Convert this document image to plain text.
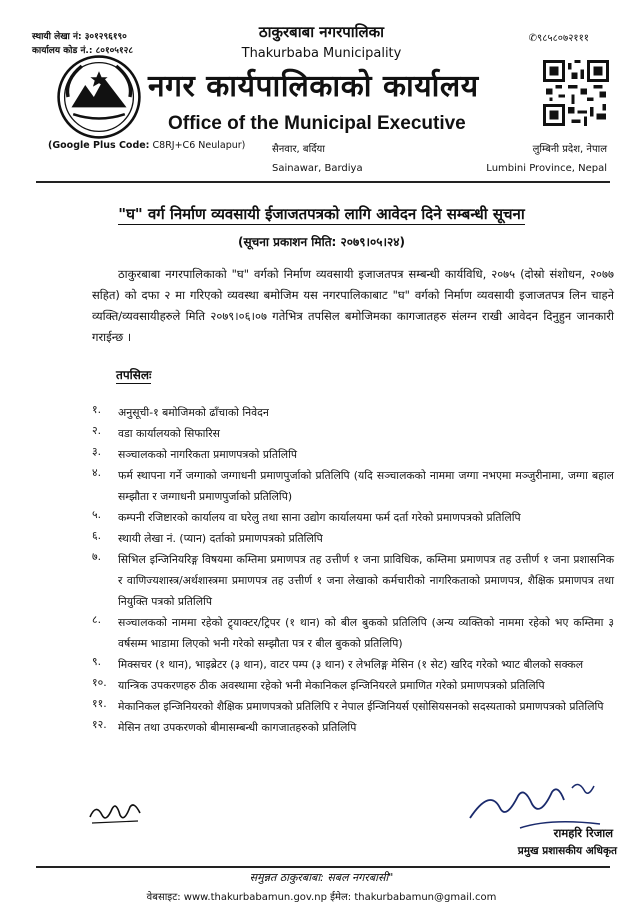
स्थायी लेखा नं: ३०१२९६१९०
कार्यालय कोड नं.: ८०१०५१२८
✆९८५८०७२१११
ठाकुरबाबा नगरपालिका
Thakurbaba Municipality
नगर कार्यपालिकाको कार्यालय
Office of the Municipal Executive
(Google Plus Code: C8RJ+C6 Neulapur)	सैनवार, बर्दिया
Sainawar, Bardiya
लुम्बिनी प्रदेश, नेपाल
Lumbini Province, Nepal
"घ" वर्ग निर्माण व्यवसायी ईजाजतपत्रको लागि आवेदन दिने सम्बन्धी सूचना
(सूचना प्रकाशन मिति: २०७९।०५।२४)

ठाकुरबाबा नगरपालिकाको "घ" वर्गको निर्माण व्यवसायी इजाजतपत्र सम्बन्धी कार्यविधि, २०७५ (दोस्रो संशोधन, २०७७ सहित) को दफा २ मा गरिएको व्यवस्था बमोजिम यस नगरपालिकाबाट "घ" वर्गको निर्माण व्यवसायी इजाजतपत्र लिन चाहने व्यक्ति/व्यवसायीहरुले मिति २०७९।०६।०७ गतेभित्र तपसिल बमोजिमका कागजातहरु संलग्न राखी आवेदन दिनुहुन जानकारी गराईन्छ ।

तपसिलः
१.	अनुसूची-१ बमोजिमको ढाँचाको निवेदन
२.	वडा कार्यालयको सिफारिस
३.	सञ्चालकको नागरिकता प्रमाणपत्रको प्रतिलिपि
४.	फर्म स्थापना गर्ने जग्गाको जग्गाधनी प्रमाणपुर्जाको प्रतिलिपि (यदि सञ्चालकको नाममा जग्गा नभएमा मञ्जुरीनामा, जग्गा बहाल सम्झौता र जग्गाधनी प्रमाणपुर्जाको प्रतिलिपि)
५.	कम्पनी रजिष्टारको कार्यालय वा घरेलु तथा साना उद्योग कार्यालयमा फर्म दर्ता गरेको प्रमाणपत्रको प्रतिलिपि
६.	स्थायी लेखा नं. (प्यान) दर्ताको प्रमाणपत्रको प्रतिलिपि
७.	सिभिल इन्जिनियरिङ्ग विषयमा कम्तिमा प्रमाणपत्र तह उत्तीर्ण १ जना प्राविधिक, कम्तिमा प्रमाणपत्र तह उत्तीर्ण १ जना प्रशासनिक र वाणिज्यशास्त्र/अर्थशास्त्रमा प्रमाणपत्र तह उत्तीर्ण १ जना लेखाको कर्मचारीको नागरिकताको प्रमाणपत्र, शैक्षिक प्रमाणपत्र तथा नियुक्ति पत्रको प्रतिलिपि
८.	सञ्चालकको नाममा रहेको ट्र्याक्टर/ट्रिपर (१ थान) को बील बुकको प्रतिलिपि (अन्य व्यक्तिको नाममा रहेको भए कम्तिमा ३ वर्षसम्म भाडामा लिएको भनी गरेको सम्झौता पत्र र बील बुकको प्रतिलिपि)
९.	मिक्सचर (१ थान), भाइब्रेटर (३ थान), वाटर पम्प (३ थान) र लेभलिङ्ग मेसिन (१ सेट) खरिद गरेको भ्याट बीलको सक्कल
१०.	यान्त्रिक उपकरणहरु ठीक अवस्थामा रहेको भनी मेकानिकल इन्जिनियरले प्रमाणित गरेको प्रमाणपत्रको प्रतिलिपि
११.	मेकानिकल इन्जिनियरको शैक्षिक प्रमाणपत्रको प्रतिलिपि र नेपाल ईन्जिनियर्स एसोसियसनको सदस्यताको प्रमाणपत्रको प्रतिलिपि
१२.	मेसिन तथा उपकरणको बीमासम्बन्धी कागजातहरुको प्रतिलिपि
रामहरि रिजाल
प्रमुख प्रशासकीय अधिकृत
समुन्नत ठाकुरबाबा: सबल नगरबासी"
वेबसाइट: www.thakurbabamun.gov.np ईमेल: thakurbabamun@gmail.com
